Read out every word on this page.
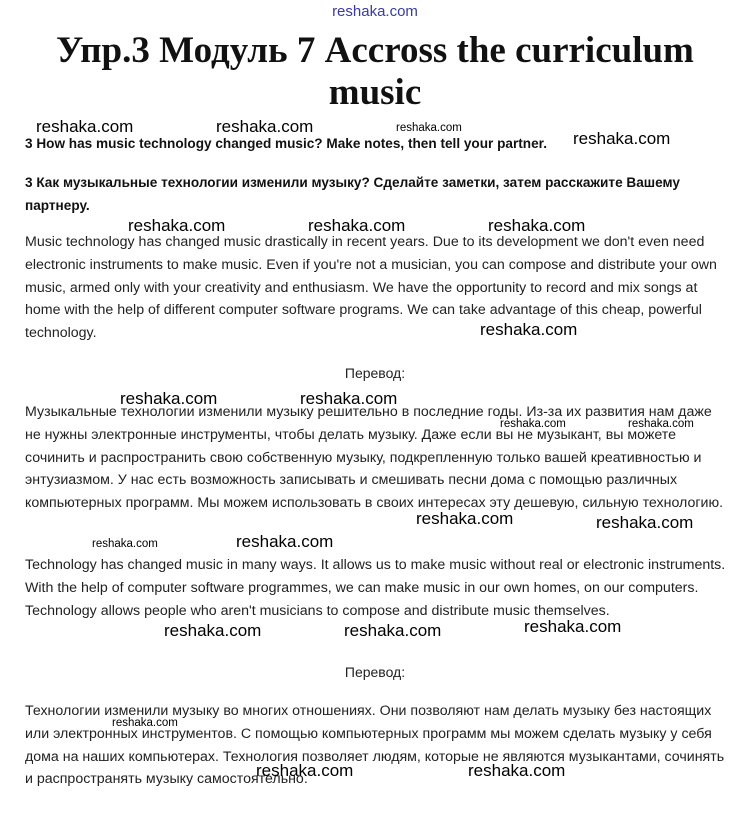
reshaka.com
Упр.3 Модуль 7 Accross the curriculum music
3 How has music technology changed music? Make notes, then tell your partner.
3 Как музыкальные технологии изменили музыку? Сделайте заметки, затем расскажите Вашему партнеру.
Music technology has changed music drastically in recent years. Due to its development we don't even need electronic instruments to make music. Even if you're not a musician, you can compose and distribute your own music, armed only with your creativity and enthusiasm. We have the opportunity to record and mix songs at home with the help of different computer software programs. We can take advantage of this cheap, powerful technology.
Перевод:
Музыкальные технологии изменили музыку решительно в последние годы. Из-за их развития нам даже не нужны электронные инструменты, чтобы делать музыку. Даже если вы не музыкант, вы можете сочинить и распространить свою собственную музыку, подкрепленную только вашей креативностью и энтузиазмом. У нас есть возможность записывать и смешивать песни дома с помощью различных компьютерных программ. Мы можем использовать в своих интересах эту дешевую, сильную технологию.
Technology has changed music in many ways. It allows us to make music without real or electronic instruments. With the help of computer software programmes, we can make music in our own homes, on our computers. Technology allows people who aren't musicians to compose and distribute music themselves.
Перевод:
Технологии изменили музыку во многих отношениях. Они позволяют нам делать музыку без настоящих или электронных инструментов. С помощью компьютерных программ мы можем сделать музыку у себя дома на наших компьютерах. Технология позволяет людям, которые не являются музыкантами, сочинять и распространять музыку самостоятельно.
reshaka.com	reshaka.com	reshaka.com
reshaka.com
reshaka.com	reshaka.com	reshaka.com
reshaka.com
reshaka.com	reshaka.com
reshaka.com	reshaka.com
reshaka.com	reshaka.com
reshaka.com	reshaka.com
reshaka.com	reshaka.com	reshaka.com
reshaka.com
reshaka.com	reshaka.com
